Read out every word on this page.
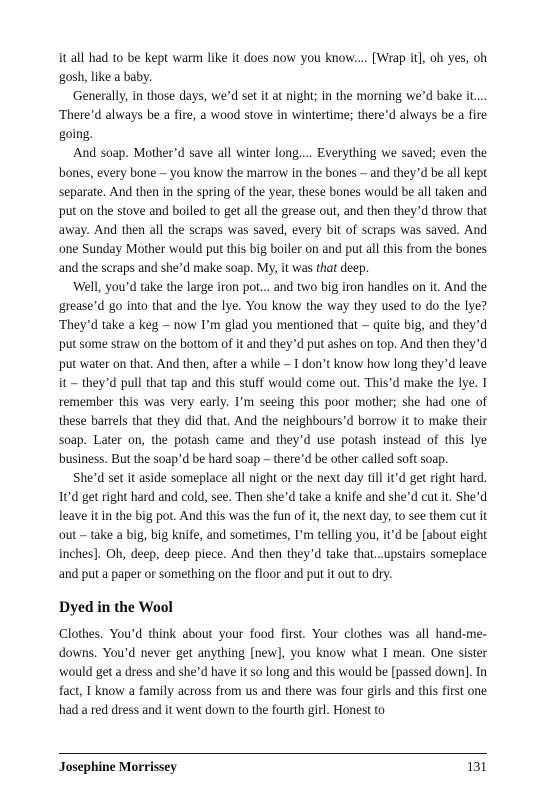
it all had to be kept warm like it does now you know.... [Wrap it], oh yes, oh gosh, like a baby.

Generally, in those days, we’d set it at night; in the morning we’d bake it.... There’d always be a fire, a wood stove in wintertime; there’d always be a fire going.

And soap. Mother’d save all winter long.... Everything we saved; even the bones, every bone – you know the marrow in the bones – and they’d be all kept separate. And then in the spring of the year, these bones would be all taken and put on the stove and boiled to get all the grease out, and then they’d throw that away. And then all the scraps was saved, every bit of scraps was saved. And one Sunday Mother would put this big boiler on and put all this from the bones and the scraps and she’d make soap. My, it was that deep.

Well, you’d take the large iron pot... and two big iron handles on it. And the grease’d go into that and the lye. You know the way they used to do the lye? They’d take a keg – now I’m glad you mentioned that – quite big, and they’d put some straw on the bottom of it and they’d put ashes on top. And then they’d put water on that. And then, after a while – I don’t know how long they’d leave it – they’d pull that tap and this stuff would come out. This’d make the lye. I remember this was very early. I’m seeing this poor mother; she had one of these barrels that they did that. And the neighbours’d borrow it to make their soap. Later on, the potash came and they’d use potash instead of this lye business. But the soap’d be hard soap – there’d be other called soft soap.

She’d set it aside someplace all night or the next day till it’d get right hard. It’d get right hard and cold, see. Then she’d take a knife and she’d cut it. She’d leave it in the big pot. And this was the fun of it, the next day, to see them cut it out – take a big, big knife, and sometimes, I’m telling you, it’d be [about eight inches]. Oh, deep, deep piece. And then they’d take that...upstairs someplace and put a paper or something on the floor and put it out to dry.

Dyed in the Wool

Clothes. You’d think about your food first. Your clothes was all hand-me-downs. You’d never get anything [new], you know what I mean. One sister would get a dress and she’d have it so long and this would be [passed down]. In fact, I know a family across from us and there was four girls and this first one had a red dress and it went down to the fourth girl. Honest to

Josephine Morrissey	131
